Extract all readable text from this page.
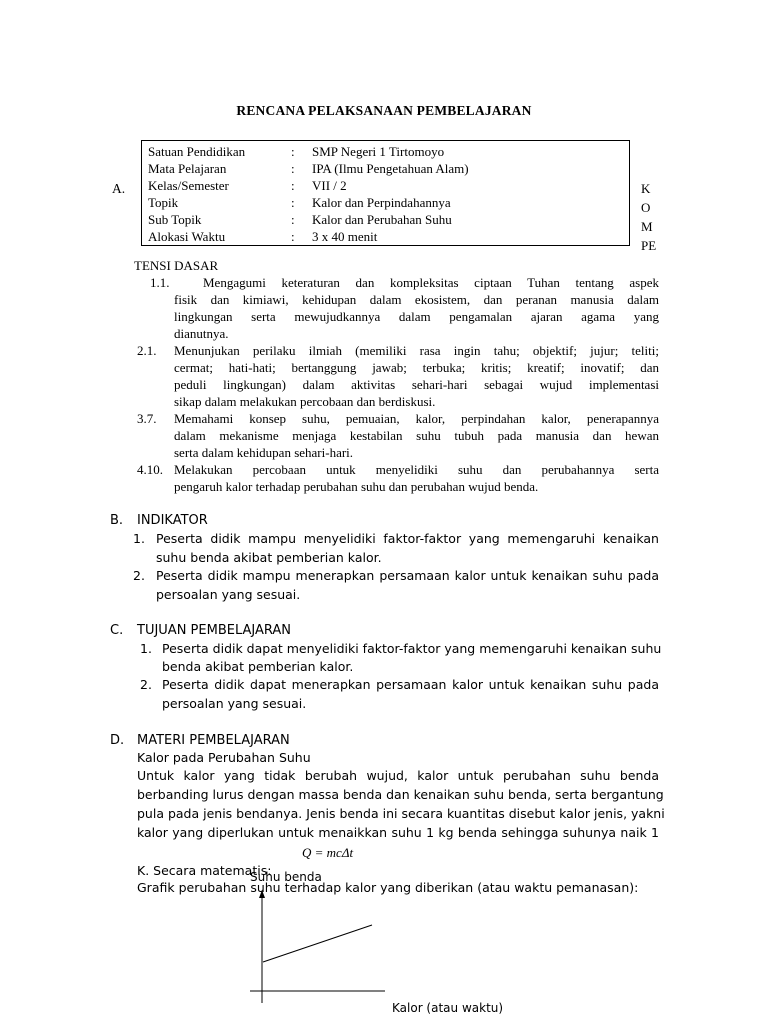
RENCANA PELAKSANAAN PEMBELAJARAN
A.
Satuan Pendidikan	: SMP Negeri 1 Tirtomoyo
Mata Pelajaran	: IPA (Ilmu Pengetahuan Alam)
Kelas/Semester	: VII / 2
Topik	: Kalor dan Perpindahannya
Sub Topik	: Kalor dan Perubahan Suhu
Alokasi Waktu	: 3 x 40 menit
K
O
M
PE
TENSI DASAR
1.1.	Mengagumi keteraturan dan kompleksitas ciptaan Tuhan tentang aspek
fisik dan kimiawi, kehidupan dalam ekosistem, dan peranan manusia dalam
lingkungan serta mewujudkannya dalam pengamalan ajaran agama yang
dianutnya.
2.1. Menunjukan perilaku ilmiah (memiliki rasa ingin tahu; objektif; jujur; teliti;
cermat; hati-hati; bertanggung jawab; terbuka; kritis; kreatif; inovatif; dan
peduli lingkungan) dalam aktivitas sehari-hari sebagai wujud implementasi
sikap dalam melakukan percobaan dan berdiskusi.
3.7. Memahami konsep suhu, pemuaian, kalor, perpindahan kalor, penerapannya
dalam mekanisme menjaga kestabilan suhu tubuh pada manusia dan hewan
serta dalam kehidupan sehari-hari.
4.10. Melakukan percobaan untuk menyelidiki suhu dan perubahannya serta
pengaruh kalor terhadap perubahan suhu dan perubahan wujud benda.
B. INDIKATOR
1. Peserta didik mampu menyelidiki faktor-faktor yang memengaruhi kenaikan
suhu benda akibat pemberian kalor.
2. Peserta didik mampu menerapkan persamaan kalor untuk kenaikan suhu pada
persoalan yang sesuai.
C. TUJUAN PEMBELAJARAN
1. Peserta didik dapat menyelidiki faktor-faktor yang memengaruhi kenaikan suhu
benda akibat pemberian kalor.
2. Peserta didik dapat menerapkan persamaan kalor untuk kenaikan suhu pada
persoalan yang sesuai.
D. MATERI PEMBELAJARAN
Kalor pada Perubahan Suhu
Untuk kalor yang tidak berubah wujud, kalor untuk perubahan suhu benda
berbanding lurus dengan massa benda dan kenaikan suhu benda, serta bergantung
pula pada jenis bendanya. Jenis benda ini secara kuantitas disebut kalor jenis, yakni
kalor yang diperlukan untuk menaikkan suhu 1 kg benda sehingga suhunya naik 1
Q = mcΔt
Suhu benda
K. Secara matematis:
Grafik perubahan suhu terhadap kalor yang diberikan (atau waktu pemanasan):
Kalor (atau waktu)
